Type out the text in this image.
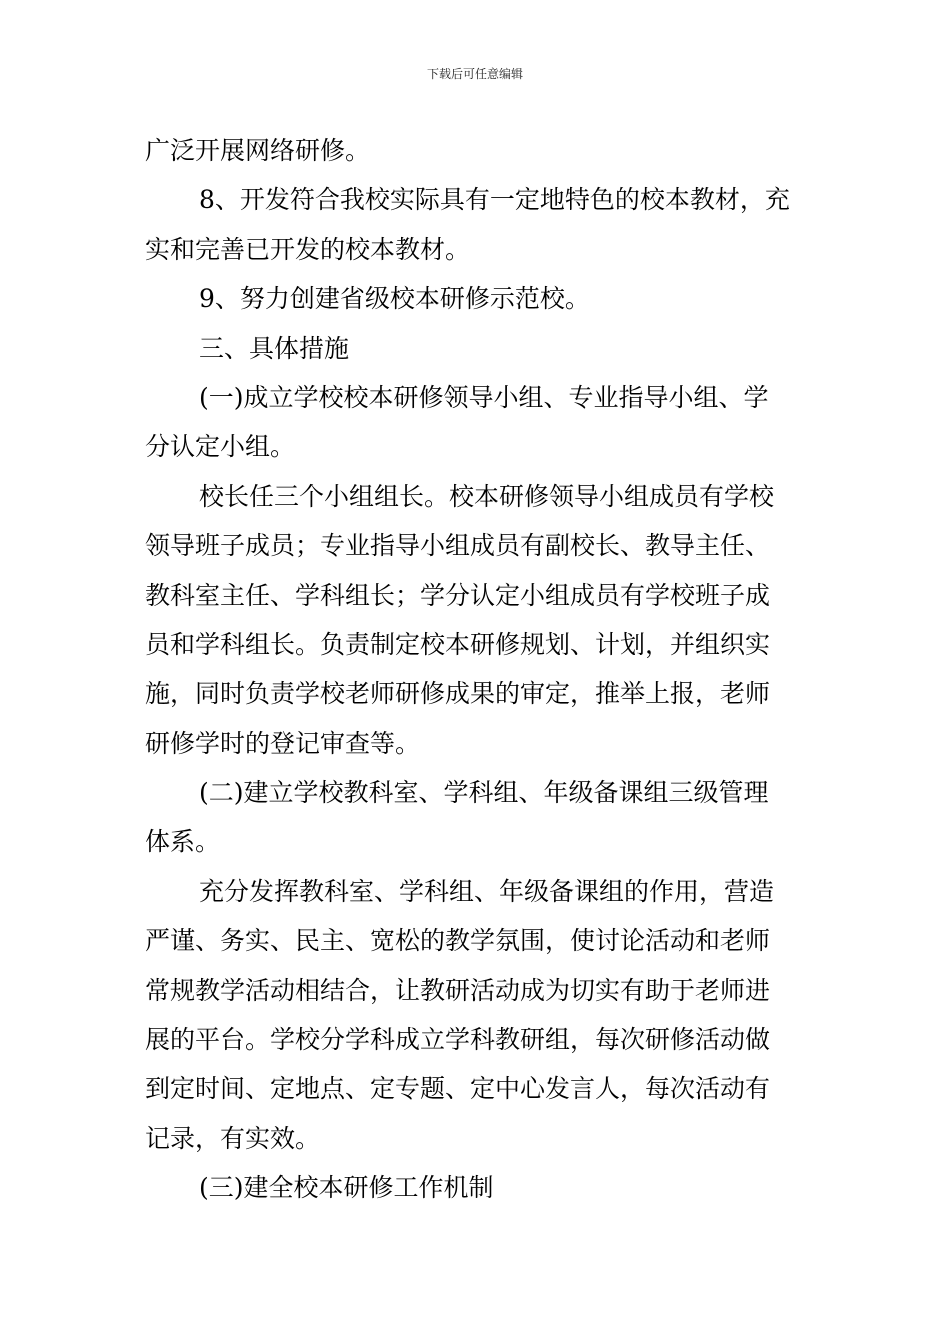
下载后可任意编辑
广泛开展网络研修。
8、开发符合我校实际具有一定地特色的校本教材，充
实和完善已开发的校本教材。
9、努力创建省级校本研修示范校。
三、具体措施
(一)成立学校校本研修领导小组、专业指导小组、学
分认定小组。
校长任三个小组组长。校本研修领导小组成员有学校
领导班子成员；专业指导小组成员有副校长、教导主任、
教科室主任、学科组长；学分认定小组成员有学校班子成
员和学科组长。负责制定校本研修规划、计划，并组织实
施，同时负责学校老师研修成果的审定，推举上报，老师
研修学时的登记审查等。
(二)建立学校教科室、学科组、年级备课组三级管理
体系。
充分发挥教科室、学科组、年级备课组的作用，营造
严谨、务实、民主、宽松的教学氛围，使讨论活动和老师
常规教学活动相结合，让教研活动成为切实有助于老师进
展的平台。学校分学科成立学科教研组，每次研修活动做
到定时间、定地点、定专题、定中心发言人，每次活动有
记录，有实效。
(三)建全校本研修工作机制
